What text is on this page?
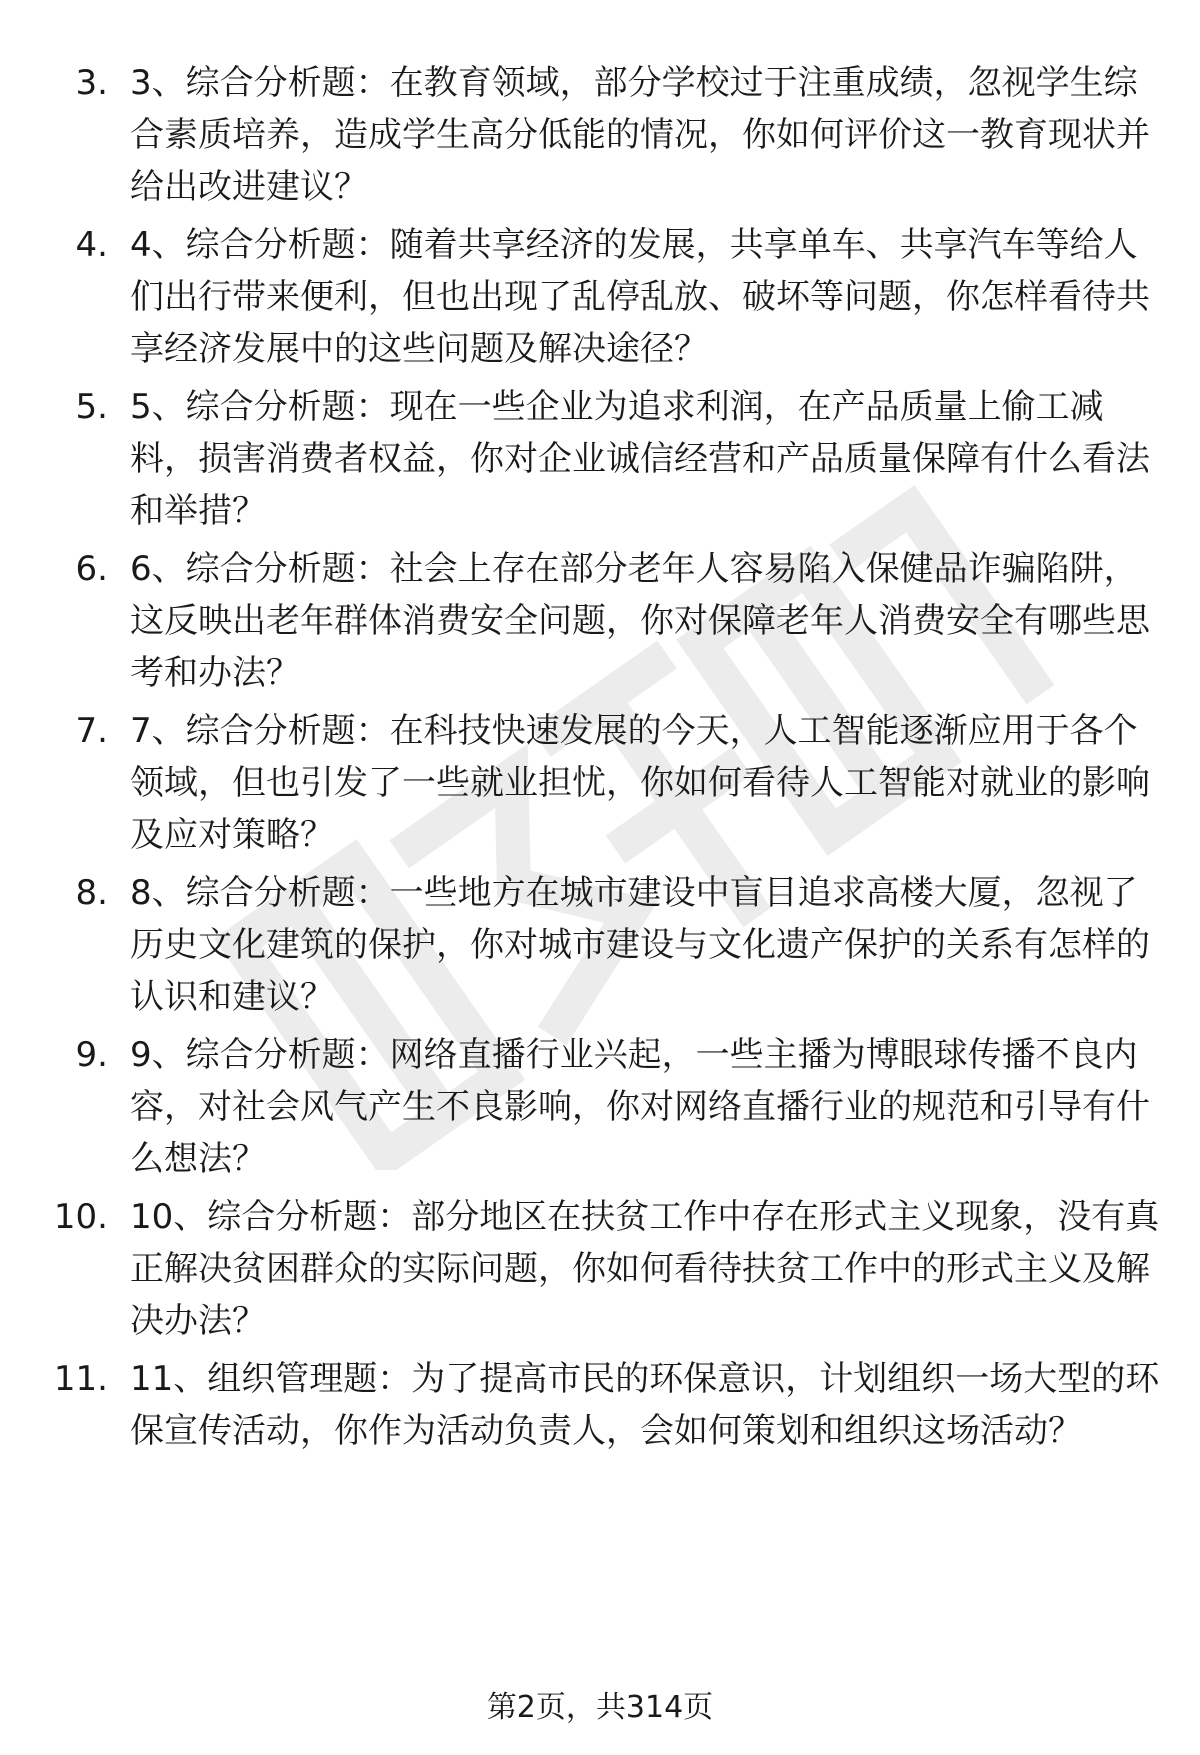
3. 3、综合分析题：在教育领域，部分学校过于注重成绩，忽视学生综合素质培养，造成学生高分低能的情况，你如何评价这一教育现状并给出改进建议？
4. 4、综合分析题：随着共享经济的发展，共享单车、共享汽车等给人们出行带来便利，但也出现了乱停乱放、破坏等问题，你怎样看待共享经济发展中的这些问题及解决途径？
5. 5、综合分析题：现在一些企业为追求利润，在产品质量上偷工减料，损害消费者权益，你对企业诚信经营和产品质量保障有什么看法和举措？
6. 6、综合分析题：社会上存在部分老年人容易陷入保健品诈骗陷阱，这反映出老年群体消费安全问题，你对保障老年人消费安全有哪些思考和办法？
7. 7、综合分析题：在科技快速发展的今天，人工智能逐渐应用于各个领域，但也引发了一些就业担忧，你如何看待人工智能对就业的影响及应对策略？
8. 8、综合分析题：一些地方在城市建设中盲目追求高楼大厦，忽视了历史文化建筑的保护，你对城市建设与文化遗产保护的关系有怎样的认识和建议？
9. 9、综合分析题：网络直播行业兴起，一些主播为博眼球传播不良内容，对社会风气产生不良影响，你对网络直播行业的规范和引导有什么想法？
10. 10、综合分析题：部分地区在扶贫工作中存在形式主义现象，没有真正解决贫困群众的实际问题，你如何看待扶贫工作中的形式主义及解决办法？
11. 11、组织管理题：为了提高市民的环保意识，计划组织一场大型的环保宣传活动，你作为活动负责人，会如何策划和组织这场活动？
第2页，共314页
